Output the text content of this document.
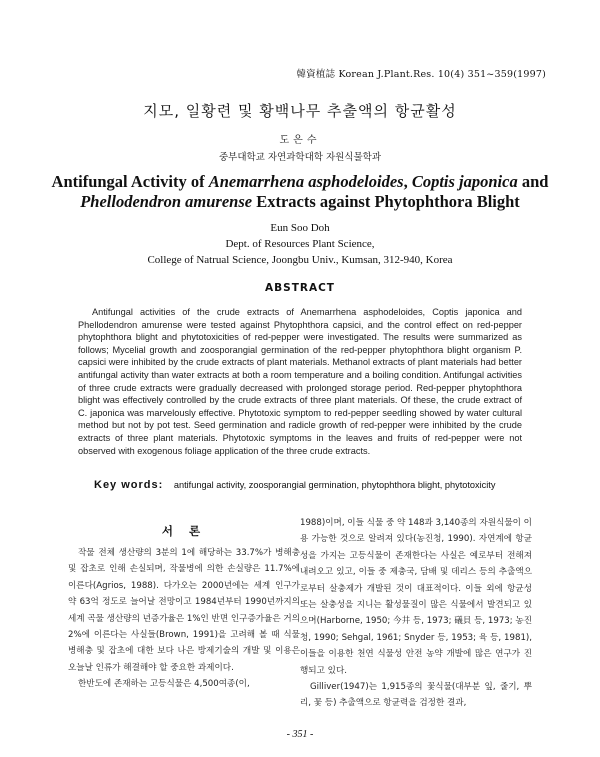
韓資植誌 Korean J.Plant.Res. 10(4) 351~359(1997)
지모, 일황련 및 황백나무 추출액의 항균활성
도은수
중부대학교 자연과학대학 자원식물학과
Antifungal Activity of Anemarrhena asphodeloides, Coptis japonica and
Phellodendron amurense Extracts against Phytophthora Blight
Eun Soo Doh
Dept. of Resources Plant Science,
College of Natrual Science, Joongbu Univ., Kumsan, 312-940, Korea
ABSTRACT

Antifungal activities of the crude extracts of Anemarrhena asphodeloides, Coptis japonica and Phellodendron amurense were tested against Phytophthora capsici, and the control effect on red-pepper phytophthora blight and phytotoxicities of red-pepper were investigated. The results were summarized as follows; Mycelial growth and zoosporangial germination of the red-pepper phytophthora blight organism P. capsici were inhibited by the crude extracts of plant materials. Methanol extracts of plant materials had better antifungal activity than water extracts at both a room temperature and a boiling condition. Antifungal activities of three crude extracts were gradually decreased with prolonged storage period. Red-pepper phytophthora blight was effectively controlled by the crude extracts of three plant materials. Of these, the crude extract of C. japonica was marvelously effective. Phytotoxic symptom to red-pepper seedling showed by water cultural method but not by pot test. Seed germination and radicle growth of red-pepper were inhibited by the crude extracts of three plant materials. Phytotoxic symptoms in the leaves and fruits of red-pepper were not observed with exogenous foliage application of the three crude extracts.

Key words: antifungal activity, zoosporangial germination, phytophthora blight, phytotoxicity
서 론

작물 전체 생산량의 3분의 1에 해당하는 33.7%가 병해충 및 잡초로 인해 손실되며, 작물병에 의한 손실량은 11.7%에 이른다(Agrios, 1988). 다가오는 2000년에는 세계 인구가 약 63억 정도로 늘어날 전망이고 1984년부터 1990년까지의 세계 곡물 생산량의 년증가율은 1%인 반면 인구증가율은 거의 2%에 이른다는 사실들(Brown, 1991)을 고려해 볼 때 식물 병해충 및 잡초에 대한 보다 나은 방제기술의 개발 및 이용은 오늘날 인류가 해결해야 할 중요한 과제이다.

한반도에 존재하는 고등식물은 4,500여종(이,

1988)이며, 이들 식물 중 약 148과 3,140종의 자원식물이 이용 가능한 것으로 알려져 있다(농진청, 1990). 자연계에 항균성을 가지는 고등식물이 존재한다는 사실은 예로부터 전해져 내려오고 있고, 이들 중 제충국, 담배 및 데리스 등의 추출액으로부터 살충제가 개발된 것이 대표적이다. 이들 외에 항균성 또는 살충성을 지니는 활성물질이 많은 식물에서 발견되고 있으며(Harborne, 1950; 今井 등, 1973; 礒貝 등, 1973; 농진청, 1990; Sehgal, 1961; Snyder 등, 1953; 육 등, 1981), 이들을 이용한 천연 식물성 안전 농약 개발에 많은 연구가 진행되고 있다.

Gilliver(1947)는 1,915종의 꽃식물(대부분 잎, 줄기, 뿌리, 꽃 등) 추출액으로 항균력을 검정한 결과,

- 351 -
